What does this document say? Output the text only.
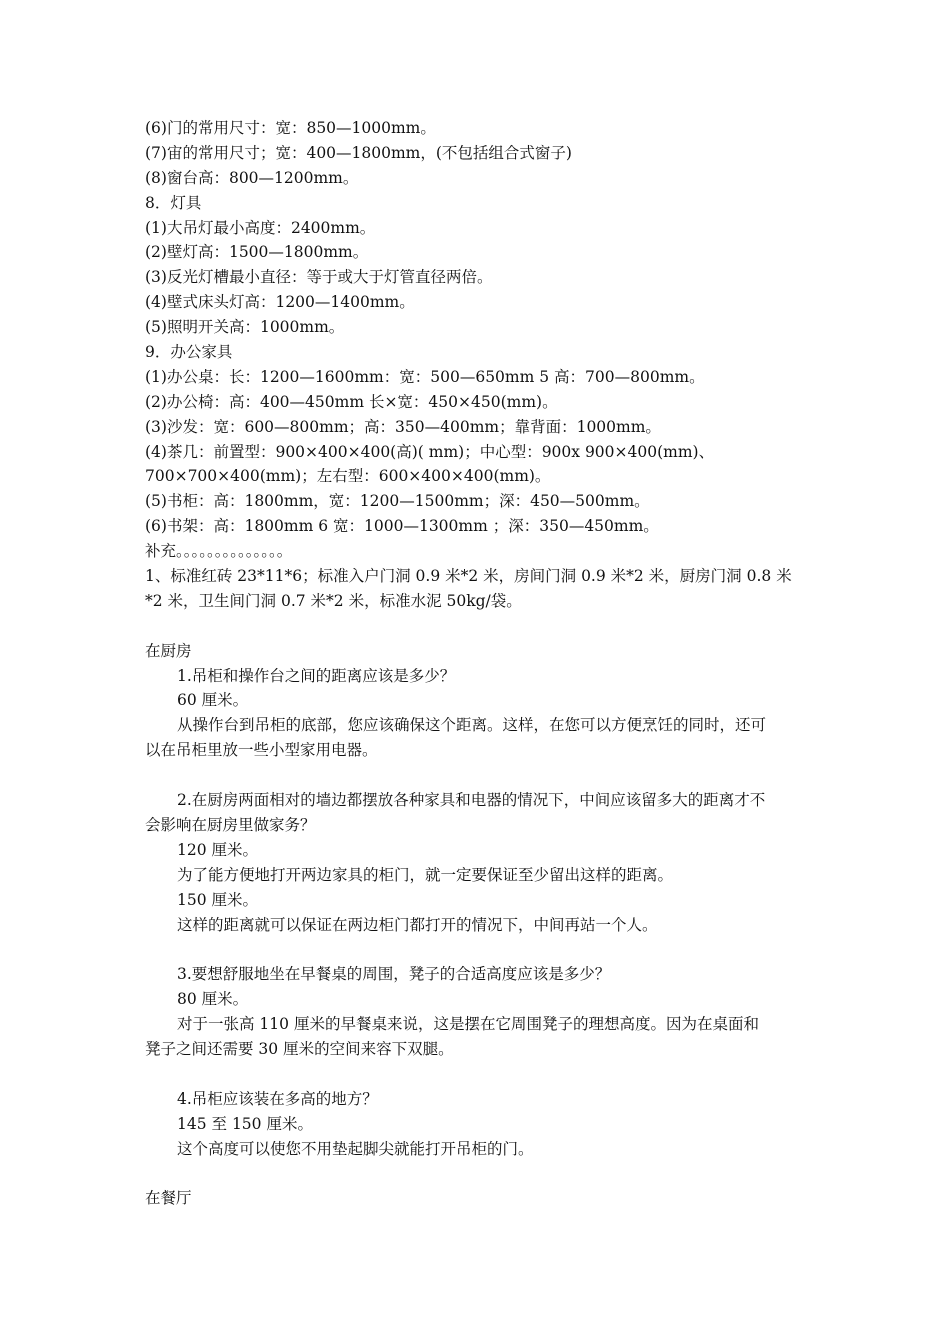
(6)门的常用尺寸：宽：850—1000mm。
(7)宙的常用尺寸；宽：400—1800mm，(不包括组合式窗子)
(8)窗台高：800—1200mm。
8．灯具
(1)大吊灯最小高度：2400mm。
(2)壁灯高：1500—1800mm。
(3)反光灯槽最小直径：等于或大于灯管直径两倍。
(4)壁式床头灯高：1200—1400mm。
(5)照明开关高：1000mm。
9．办公家具
(1)办公桌：长：1200—1600mm：宽：500—650mm 5 高：700—800mm。
(2)办公椅：高：400—450mm 长×宽：450×450(mm)。
(3)沙发：宽：600—800mm；高：350—400mm；靠背面：1000mm。
(4)茶几：前置型：900×400×400(高)( mm)；中心型：900x 900×400(mm)、
700×700×400(mm)；左右型：600×400×400(mm)。
(5)书柜：高：1800mm，宽：1200—1500mm；深：450—500mm。
(6)书架：高：1800mm 6 宽：1000—1300mm ；深：350—450mm。
补充。。。。。。。。。。。。。。
1、标准红砖 23*11*6；标准入户门洞 0.9 米*2 米，房间门洞 0.9 米*2 米，厨房门洞 0.8 米
*2 米，卫生间门洞 0.7 米*2 米，标准水泥 50kg/袋。
在厨房
1.吊柜和操作台之间的距离应该是多少？
60 厘米。
从操作台到吊柜的底部，您应该确保这个距离。这样，在您可以方便烹饪的同时，还可
以在吊柜里放一些小型家用电器。
2.在厨房两面相对的墙边都摆放各种家具和电器的情况下，中间应该留多大的距离才不
会影响在厨房里做家务？
120 厘米。
为了能方便地打开两边家具的柜门，就一定要保证至少留出这样的距离。
150 厘米。
这样的距离就可以保证在两边柜门都打开的情况下，中间再站一个人。
3.要想舒服地坐在早餐桌的周围，凳子的合适高度应该是多少？
80 厘米。
对于一张高 110 厘米的早餐桌来说，这是摆在它周围凳子的理想高度。因为在桌面和
凳子之间还需要 30 厘米的空间来容下双腿。
4.吊柜应该装在多高的地方？
145 至 150 厘米。
这个高度可以使您不用垫起脚尖就能打开吊柜的门。
在餐厅
